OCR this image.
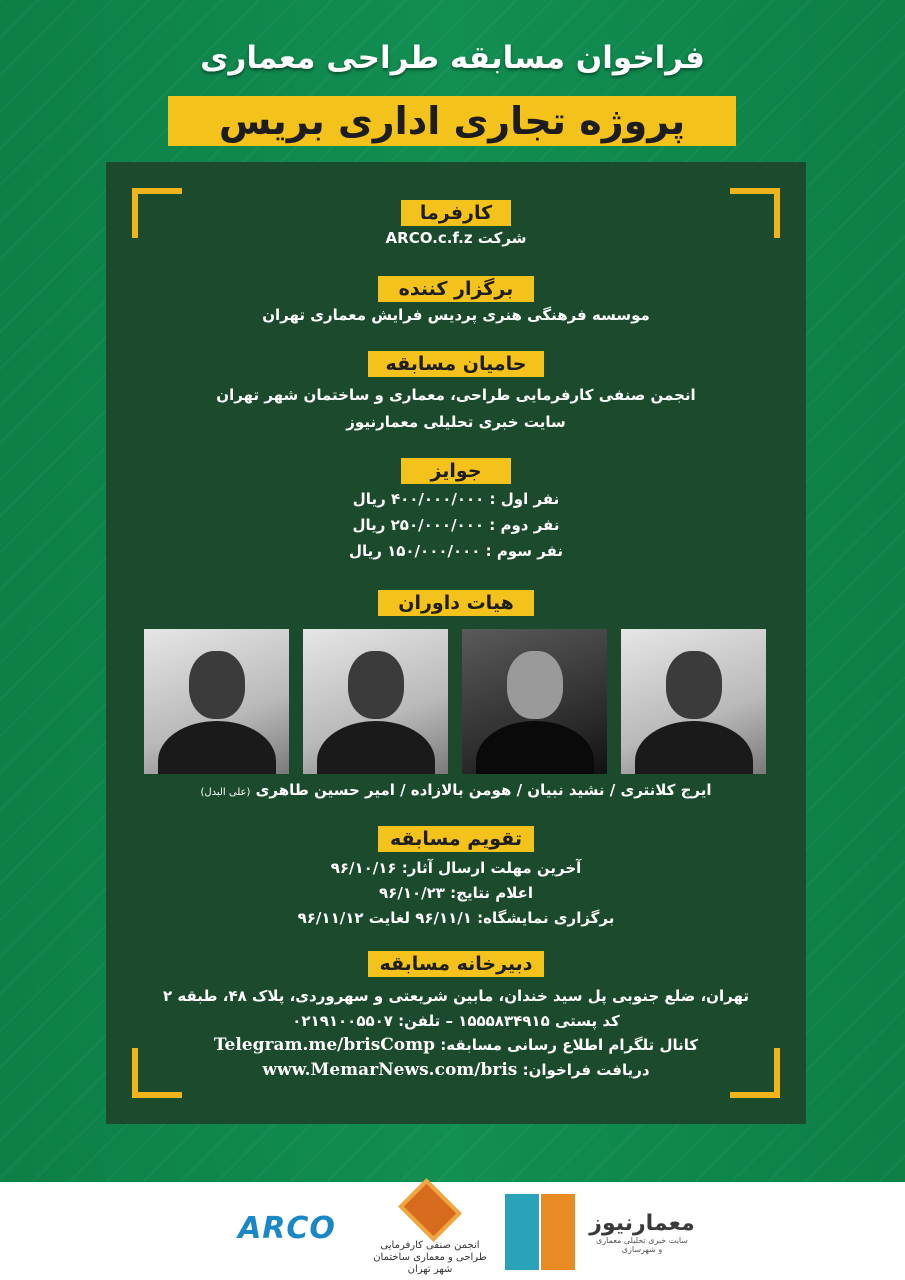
فراخوان مسابقه طراحی معماری
پروژه تجاری اداری بریس
کارفرما
شرکت ARCO.c.f.z
برگزار کننده
موسسه فرهنگی هنری پردیس فرایش معماری تهران
حامیان مسابقه
انجمن صنفی کارفرمایی طراحی، معماری و ساختمان شهر تهران
سایت خبری تحلیلی معمارنیوز
جوایز
نفر اول : ۴۰۰/۰۰۰/۰۰۰ ریال
نفر دوم : ۲۵۰/۰۰۰/۰۰۰ ریال
نفر سوم : ۱۵۰/۰۰۰/۰۰۰ ریال
هیات داوران
ایرج کلانتری / نشید نبیان / هومن بالازاده / امیر حسین طاهری (علی البدل)
تقویم مسابقه
آخرین مهلت ارسال آثار: ۹۶/۱۰/۱۶
اعلام نتایج: ۹۶/۱۰/۲۳
برگزاری نمایشگاه: ۹۶/۱۱/۱ لغایت ۹۶/۱۱/۱۲
دبیرخانه مسابقه
تهران، ضلع جنوبی پل سید خندان، مابین شریعتی و سهروردی، پلاک ۴۸، طبقه ۲
کد پستی ۱۵۵۵۸۳۴۹۱۵ – تلفن: ۰۲۱۹۱۰۰۵۵۰۷
کانال تلگرام اطلاع رسانی مسابقه: Telegram.me/brisComp
دریافت فراخوان: www.MemarNews.com/bris
ARCO	انجمن صنفی کارفرمایی طراحی و معماری ساختمان شهر تهران
معمارنیوز
سایت خبری تحلیلی معماری و شهرسازی
